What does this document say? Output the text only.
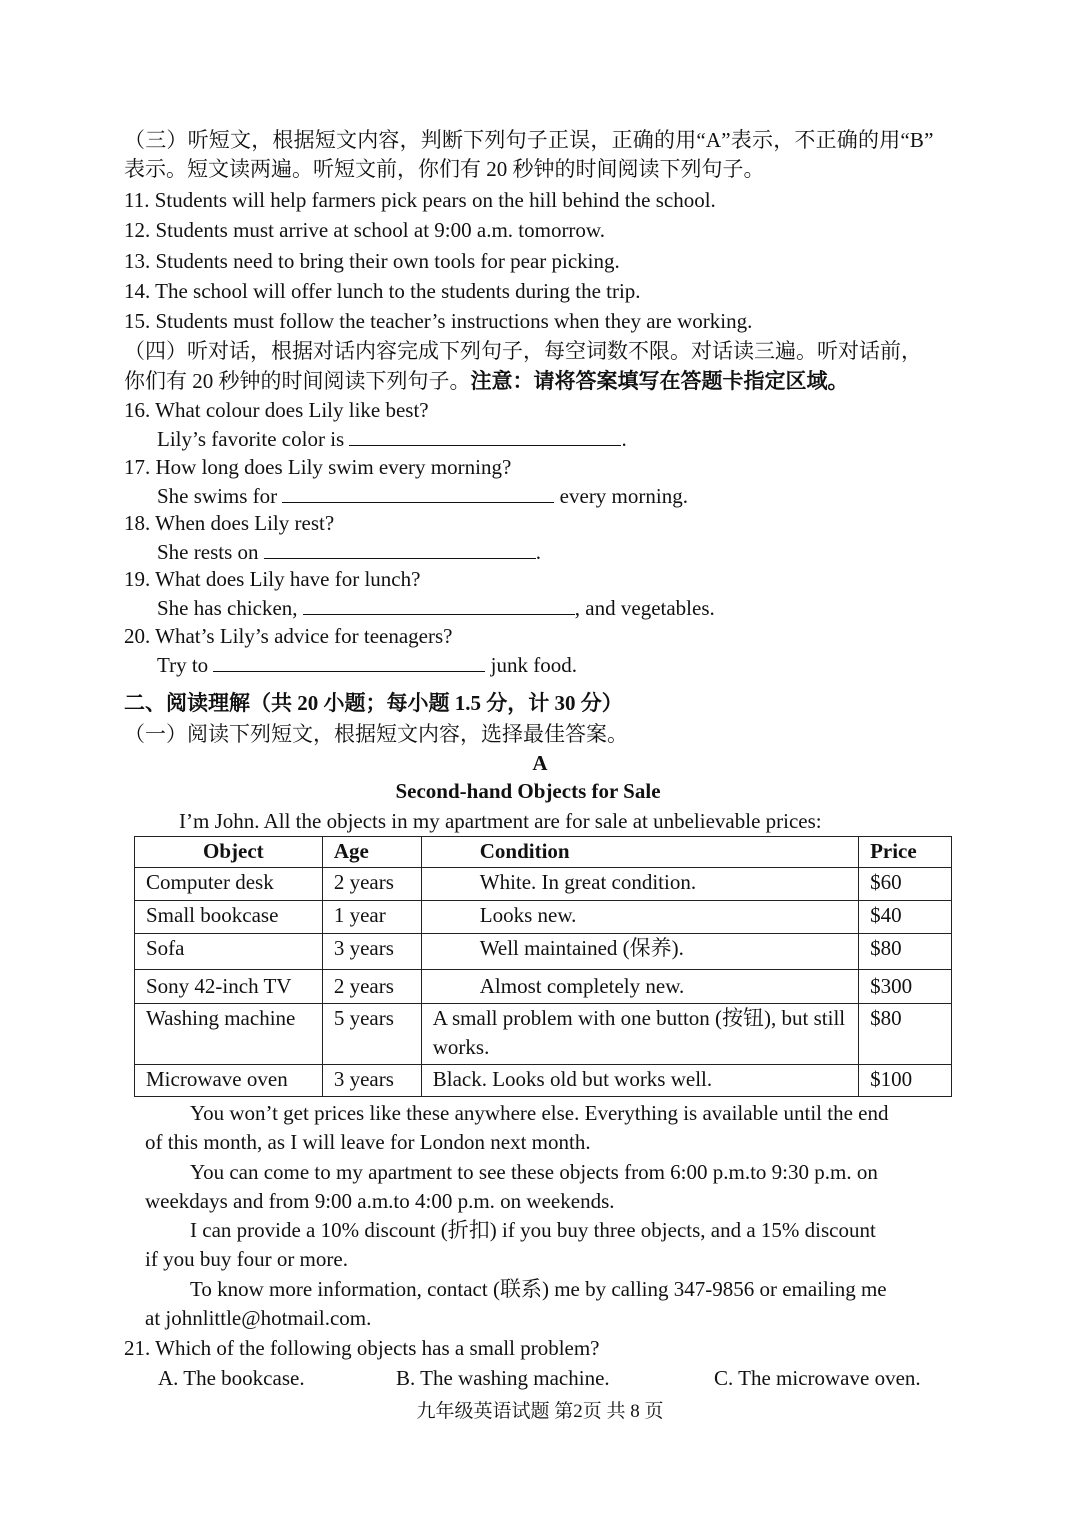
（三）听短文，根据短文内容，判断下列句子正误，正确的用“A”表示，不正确的用“B”
表示。短文读两遍。听短文前，你们有 20 秒钟的时间阅读下列句子。
11. Students will help farmers pick pears on the hill behind the school.
12. Students must arrive at school at 9:00 a.m. tomorrow.
13. Students need to bring their own tools for pear picking.
14. The school will offer lunch to the students during the trip.
15. Students must follow the teacher’s instructions when they are working.
（四）听对话，根据对话内容完成下列句子，每空词数不限。对话读三遍。听对话前，
你们有 20 秒钟的时间阅读下列句子。注意：请将答案填写在答题卡指定区域。
16. What colour does Lily like best?
Lily’s favorite color is	.
17. How long does Lily swim every morning?
She swims for	every morning.
18. When does Lily rest?
She rests on	.
19. What does Lily have for lunch?
She has chicken,	, and vegetables.
20. What’s Lily’s advice for teenagers?
Try to	junk food.
二、阅读理解（共 20 小题；每小题 1.5 分，计 30 分）
（一）阅读下列短文，根据短文内容，选择最佳答案。
A
Second-hand Objects for Sale
I’m John. All the objects in my apartment are for sale at unbelievable prices:
Object	Age	Condition	Price
Computer desk	2 years	White. In great condition.	$60
Small bookcase	1 year	Looks new.	$40
Sofa	3 years	Well maintained (保养).	$80
Sony 42-inch TV	2 years	Almost completely new.	$300
Washing machine	5 years	A small problem with one button (按钮), but still works.	$80
Microwave oven	3 years	Black. Looks old but works well.	$100
You won’t get prices like these anywhere else. Everything is available until the end
of this month, as I will leave for London next month.
You can come to my apartment to see these objects from 6:00 p.m.to 9:30 p.m. on
weekdays and from 9:00 a.m.to 4:00 p.m. on weekends.
I can provide a 10% discount (折扣) if you buy three objects, and a 15% discount
if you buy four or more.
To know more information, contact (联系) me by calling 347-9856 or emailing me
at johnlittle@hotmail.com.
21. Which of the following objects has a small problem?
A. The bookcase.	B. The washing machine.	C. The microwave oven.
九年级英语试题 第2页 共 8 页
